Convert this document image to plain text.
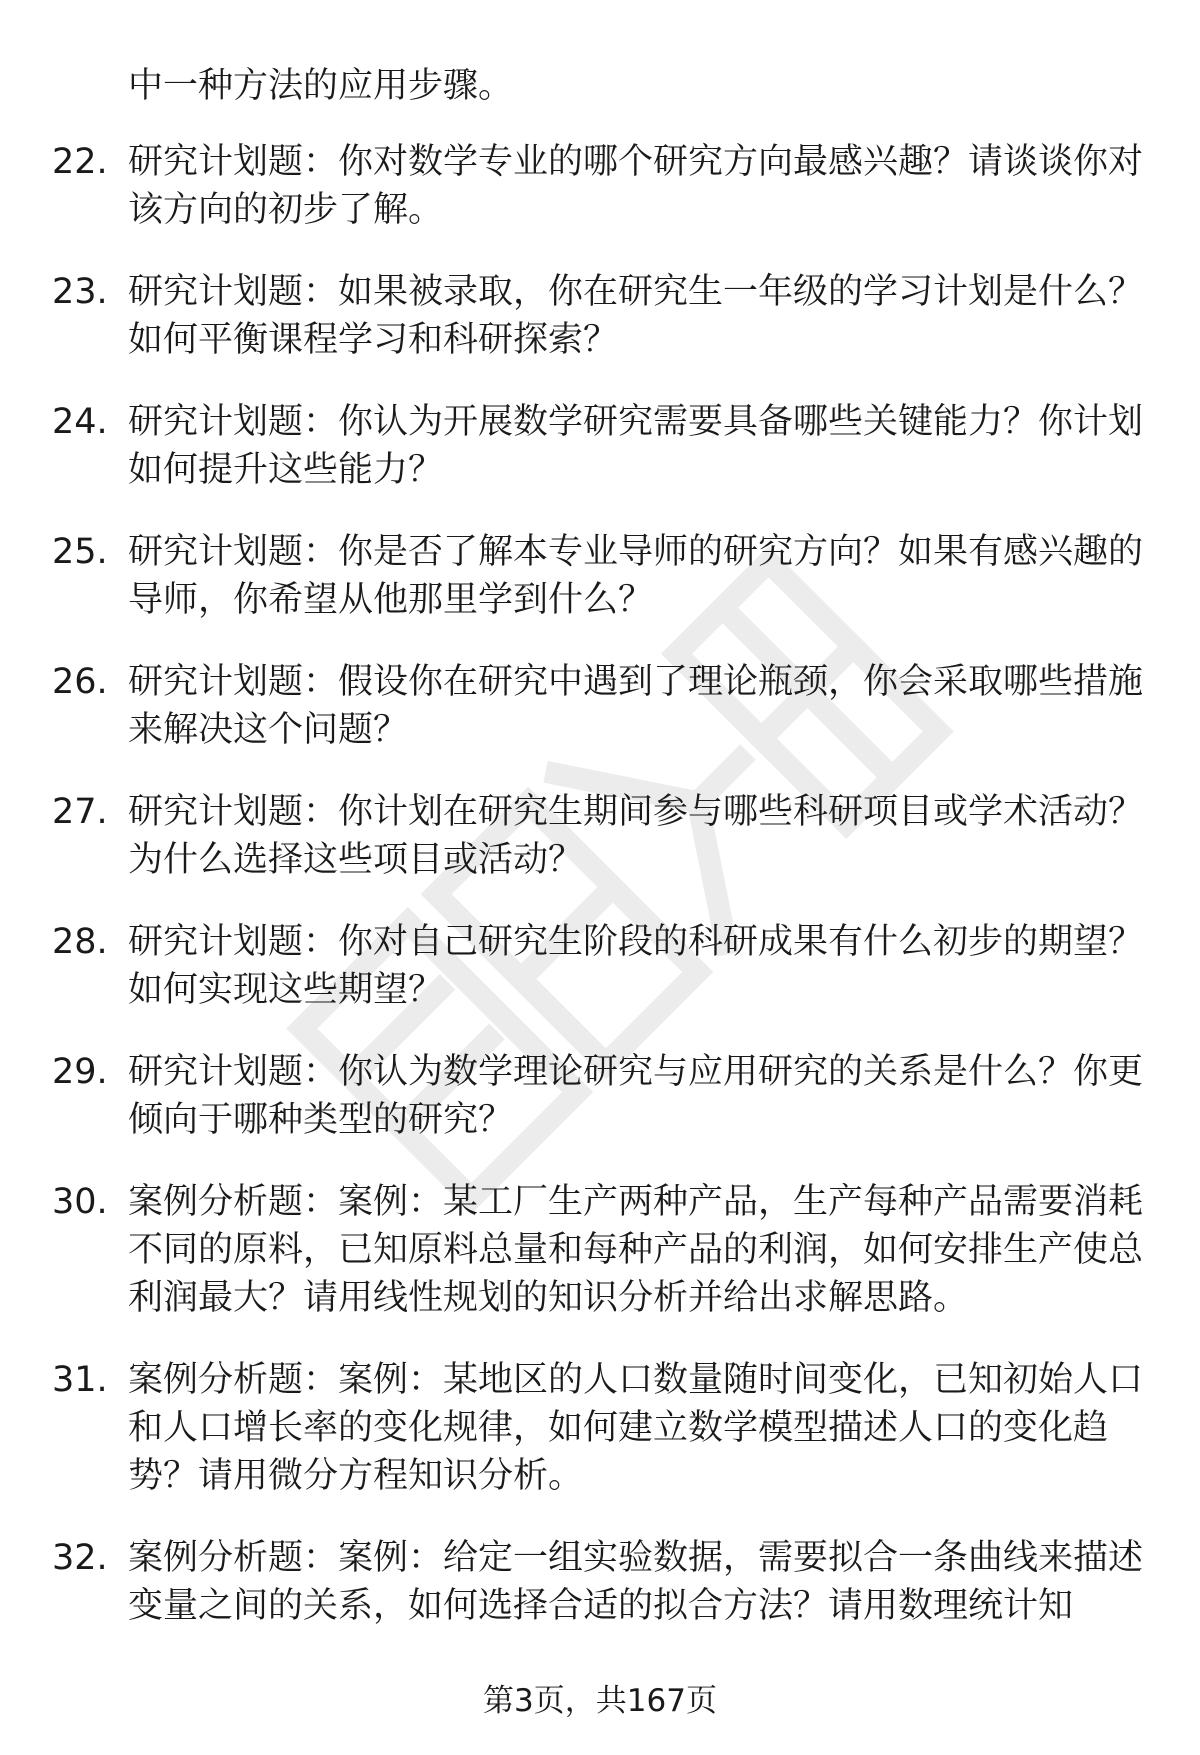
中一种方法的应用步骤。
22. 研究计划题：你对数学专业的哪个研究方向最感兴趣？请谈谈你对该方向的初步了解。
23. 研究计划题：如果被录取，你在研究生一年级的学习计划是什么？如何平衡课程学习和科研探索？
24. 研究计划题：你认为开展数学研究需要具备哪些关键能力？你计划如何提升这些能力？
25. 研究计划题：你是否了解本专业导师的研究方向？如果有感兴趣的导师，你希望从他那里学到什么？
26. 研究计划题：假设你在研究中遇到了理论瓶颈，你会采取哪些措施来解决这个问题？
27. 研究计划题：你计划在研究生期间参与哪些科研项目或学术活动？为什么选择这些项目或活动？
28. 研究计划题：你对自己研究生阶段的科研成果有什么初步的期望？如何实现这些期望？
29. 研究计划题：你认为数学理论研究与应用研究的关系是什么？你更倾向于哪种类型的研究？
30. 案例分析题：案例：某工厂生产两种产品，生产每种产品需要消耗不同的原料，已知原料总量和每种产品的利润，如何安排生产使总利润最大？请用线性规划的知识分析并给出求解思路。
31. 案例分析题：案例：某地区的人口数量随时间变化，已知初始人口和人口增长率的变化规律，如何建立数学模型描述人口的变化趋势？请用微分方程知识分析。
32. 案例分析题：案例：给定一组实验数据，需要拟合一条曲线来描述变量之间的关系，如何选择合适的拟合方法？请用数理统计知
第3页，共167页
